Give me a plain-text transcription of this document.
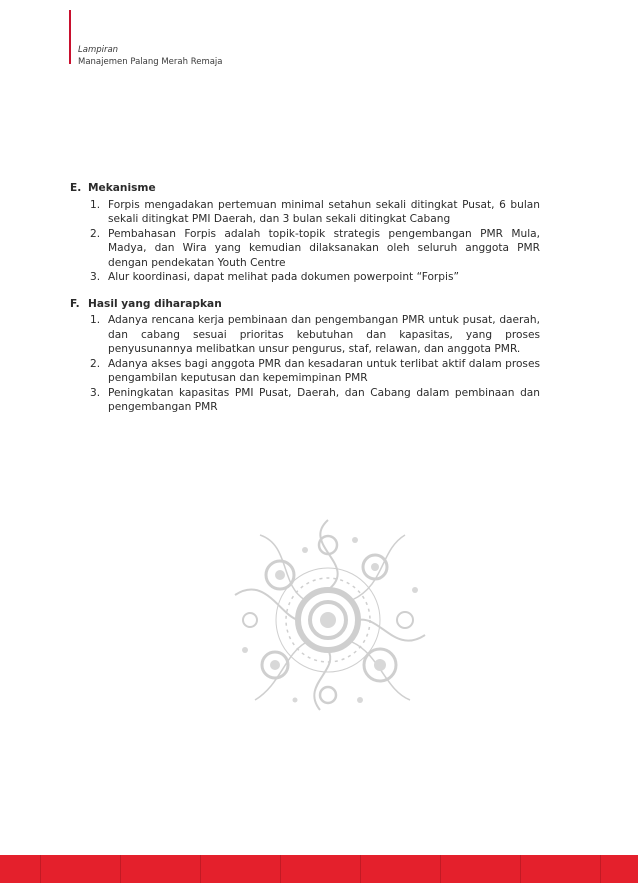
Lampiran
Manajemen Palang Merah Remaja
E. Mekanisme
1. Forpis mengadakan pertemuan minimal setahun sekali ditingkat Pusat, 6 bulan sekali ditingkat PMI Daerah, dan 3 bulan sekali ditingkat Cabang
2. Pembahasan Forpis adalah topik-topik strategis pengembangan PMR Mula, Madya, dan Wira yang kemudian dilaksanakan oleh seluruh anggota PMR dengan pendekatan Youth Centre
3. Alur koordinasi, dapat melihat pada dokumen powerpoint “Forpis”
F. Hasil yang diharapkan
1. Adanya rencana kerja pembinaan dan pengembangan PMR untuk pusat, daerah, dan cabang sesuai prioritas kebutuhan dan kapasitas, yang proses penyusunannya melibatkan unsur pengurus, staf, relawan, dan anggota PMR.
2. Adanya akses bagi anggota PMR dan kesadaran untuk terlibat aktif dalam proses pengambilan keputusan dan kepemimpinan PMR
3. Peningkatan kapasitas PMI Pusat, Daerah, dan Cabang dalam pembinaan dan pengembangan PMR
